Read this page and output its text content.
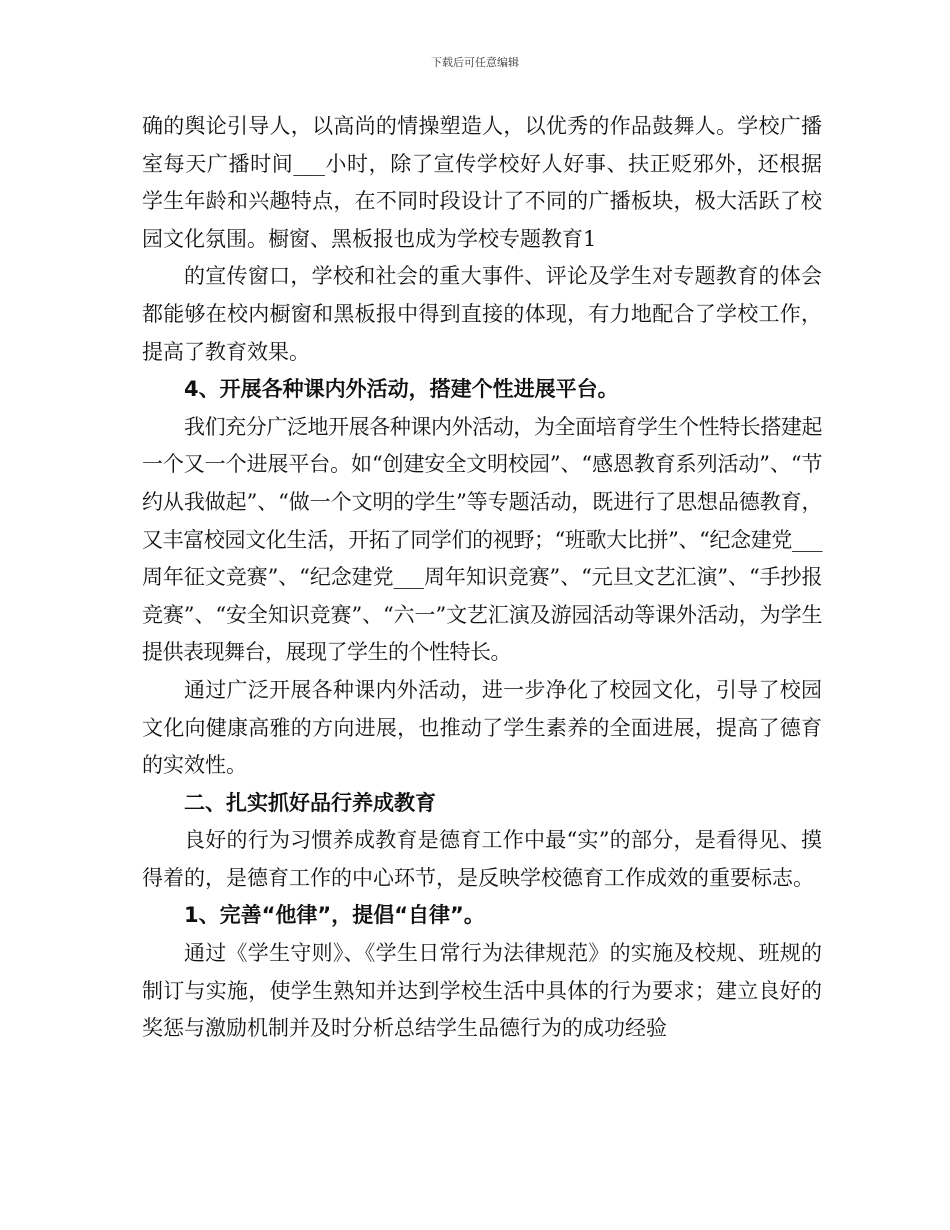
下载后可任意编辑

确的舆论引导人，以高尚的情操塑造人，以优秀的作品鼓舞人。学校广播室每天广播时间___小时，除了宣传学校好人好事、扶正贬邪外，还根据学生年龄和兴趣特点，在不同时段设计了不同的广播板块，极大活跃了校园文化氛围。橱窗、黑板报也成为学校专题教育1

的宣传窗口，学校和社会的重大事件、评论及学生对专题教育的体会都能够在校内橱窗和黑板报中得到直接的体现，有力地配合了学校工作，提高了教育效果。

4、开展各种课内外活动，搭建个性进展平台。

我们充分广泛地开展各种课内外活动，为全面培育学生个性特长搭建起一个又一个进展平台。如“创建安全文明校园”、“感恩教育系列活动”、“节约从我做起”、“做一个文明的学生”等专题活动，既进行了思想品德教育，又丰富校园文化生活，开拓了同学们的视野；“班歌大比拼”、“纪念建党___周年征文竞赛”、“纪念建党___周年知识竞赛”、“元旦文艺汇演”、“手抄报竞赛”、“安全知识竞赛”、“六一”文艺汇演及游园活动等课外活动，为学生提供表现舞台，展现了学生的个性特长。

通过广泛开展各种课内外活动，进一步净化了校园文化，引导了校园文化向健康高雅的方向进展，也推动了学生素养的全面进展，提高了德育的实效性。

二、扎实抓好品行养成教育

良好的行为习惯养成教育是德育工作中最“实”的部分，是看得见、摸得着的，是德育工作的中心环节，是反映学校德育工作成效的重要标志。

1、完善“他律”，提倡“自律”。

通过《学生守则》、《学生日常行为法律规范》的实施及校规、班规的制订与实施，使学生熟知并达到学校生活中具体的行为要求；建立良好的奖惩与激励机制并及时分析总结学生品德行为的成功经验
